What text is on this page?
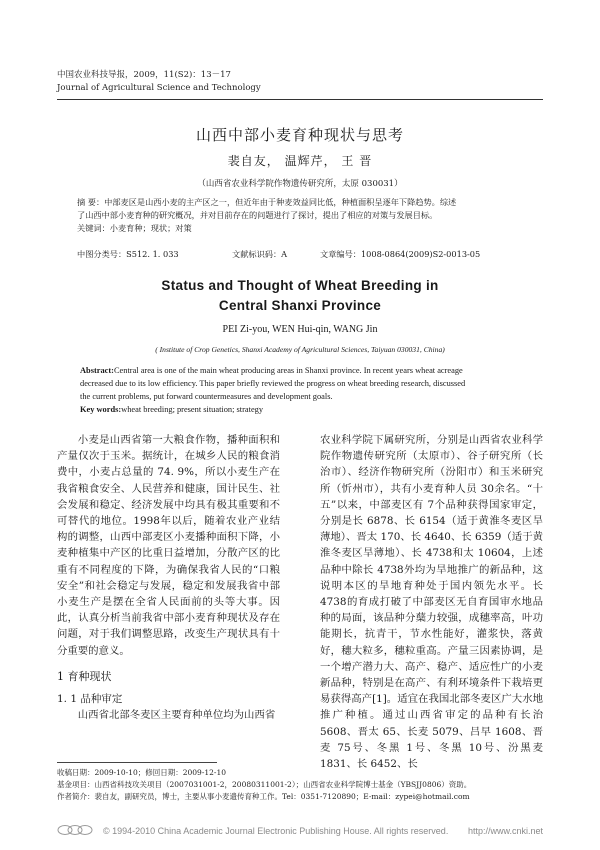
中国农业科技导报，2009，11(S2)：13－17
Journal of Agricultural Science and Technology
山西中部小麦育种现状与思考
裴自友， 温辉芹， 王 晋
（山西省农业科学院作物遗传研究所，太原 030031）
摘 要：中部麦区是山西小麦的主产区之一，但近年由于种麦效益同比低，种植面积呈逐年下降趋势。综述
了山西中部小麦育种的研究概况，并对目前存在的问题进行了探讨，提出了相应的对策与发展目标。
关键词：小麦育种；现状；对策
中图分类号：S512. 1. 033	文献标识码：A	文章编号：1008-0864(2009)S2-0013-05
Status and Thought of Wheat Breeding in
Central Shanxi Province
PEI Zi-you, WEN Hui-qin, WANG Jin
( Institute of Crop Genetics, Shanxi Academy of Agricultural Sciences, Taiyuan 030031, China)
Abstract:Central area is one of the main wheat producing areas in Shanxi province. In recent years wheat acreage
decreased due to its low efficiency. This paper briefly reviewed the progress on wheat breeding research, discussed
the current problems, put forward countermeasures and development goals.
Key words:wheat breeding; present situation; strategy

小麦是山西省第一大粮食作物，播种面积和产量仅次于玉米。据统计，在城乡人民的粮食消费中，小麦占总量的 74. 9%，所以小麦生产在我省粮食安全、人民营养和健康，国计民生、社会发展和稳定、经济发展中均具有极其重要和不可替代的地位。1998年以后，随着农业产业结构的调整，山西中部麦区小麦播种面积下降，小麦种植集中产区的比重日益增加，分散产区的比重有不同程度的下降，为确保我省人民的“口粮安全”和社会稳定与发展，稳定和发展我省中部小麦生产是摆在全省人民面前的头等大事。因此，认真分析当前我省中部小麦育种现状及存在问题，对于我们调整思路，改变生产现状具有十分重要的意义。

1 育种现状

1. 1 品种审定

山西省北部冬麦区主要育种单位均为山西省

农业科学院下属研究所，分别是山西省农业科学院作物遗传研究所（太原市）、谷子研究所（长治市）、经济作物研究所（汾阳市）和玉米研究所（忻州市），共有小麦育种人员 30余名。“十 五”以来，中部麦区有 7个品种获得国家审定，分别是长 6878、长 6154（适于黄淮冬麦区旱薄地）、晋太 170、长 4640、长 6359（适于黄淮冬麦区旱薄地）、长 4738和太 10604，上述品种中除长 4738外均为旱地推广的新品种，这说明本区的旱地育种处于国内领先水平。长 4738的育成打破了中部麦区无自育国审水地品种的局面，该品种分蘖力较强，成穗率高，叶功能期长，抗青干，节水性能好，灌浆快，落黄好，穗大粒多，穗粒重高。产量三因素协调，是一个增产潜力大、高产、稳产、适应性广的小麦新品种，特别是在高产、有利环境条件下栽培更易获得高产[1]。适宜在我国北部冬麦区广大水地推广种植。通过山西省审定的品种有长治 5608、晋太 65、长麦 5079、吕早 1608、晋麦 75号、冬黑 1号、冬黑 10号、汾黑麦 1831、长 6452、长

收稿日期：2009-10-10；修回日期：2009-12-10
基金项目：山西省科技攻关项目（2007031001-2，20080311001-2）；山西省农业科学院博士基金（YBSJJ0806）资助。
作者简介：裴自友，副研究员，博士，主要从事小麦遗传育种工作。Tel：0351-7120890；E-mail：zypei@hotmail.com
© 1994-2010 China Academic Journal Electronic Publishing House. All rights reserved. http://www.cnki.net
